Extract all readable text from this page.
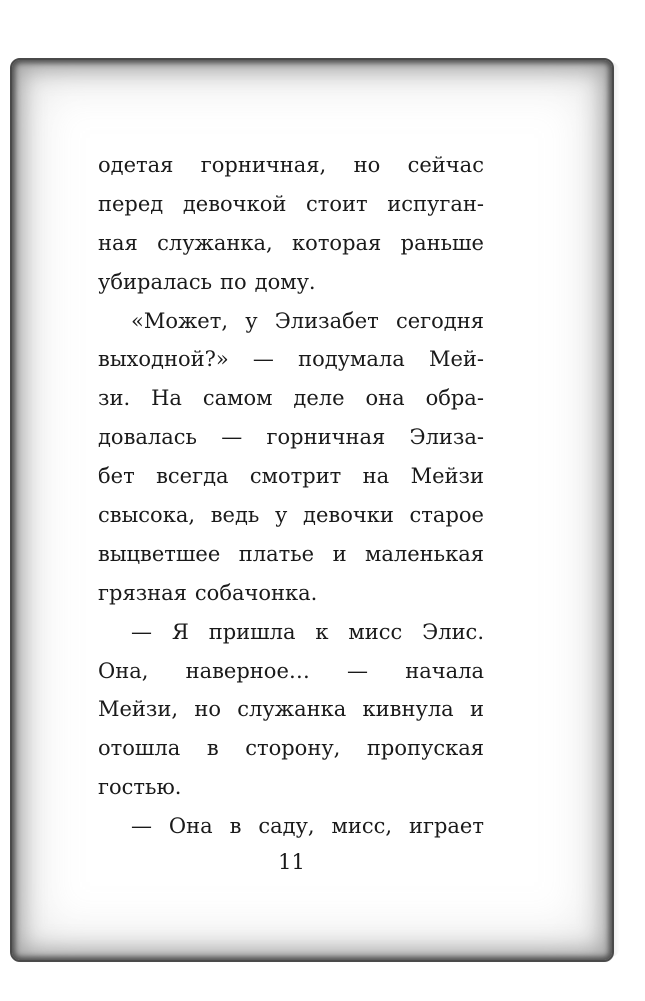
одетая горничная, но сейчас
перед девочкой стоит испуган-
ная служанка, которая раньше
убиралась по дому.
«Может, у Элизабет сегодня
выходной?» — подумала Мей-
зи. На самом деле она обра-
довалась — горничная Элиза-
бет всегда смотрит на Мейзи
свысока, ведь у девочки старое
выцветшее платье и маленькая
грязная собачонка.
— Я пришла к мисс Элис.
Она, наверное… — начала
Мейзи, но служанка кивнула и
отошла в сторону, пропуская
гостью.
— Она в саду, мисс, играет
11
